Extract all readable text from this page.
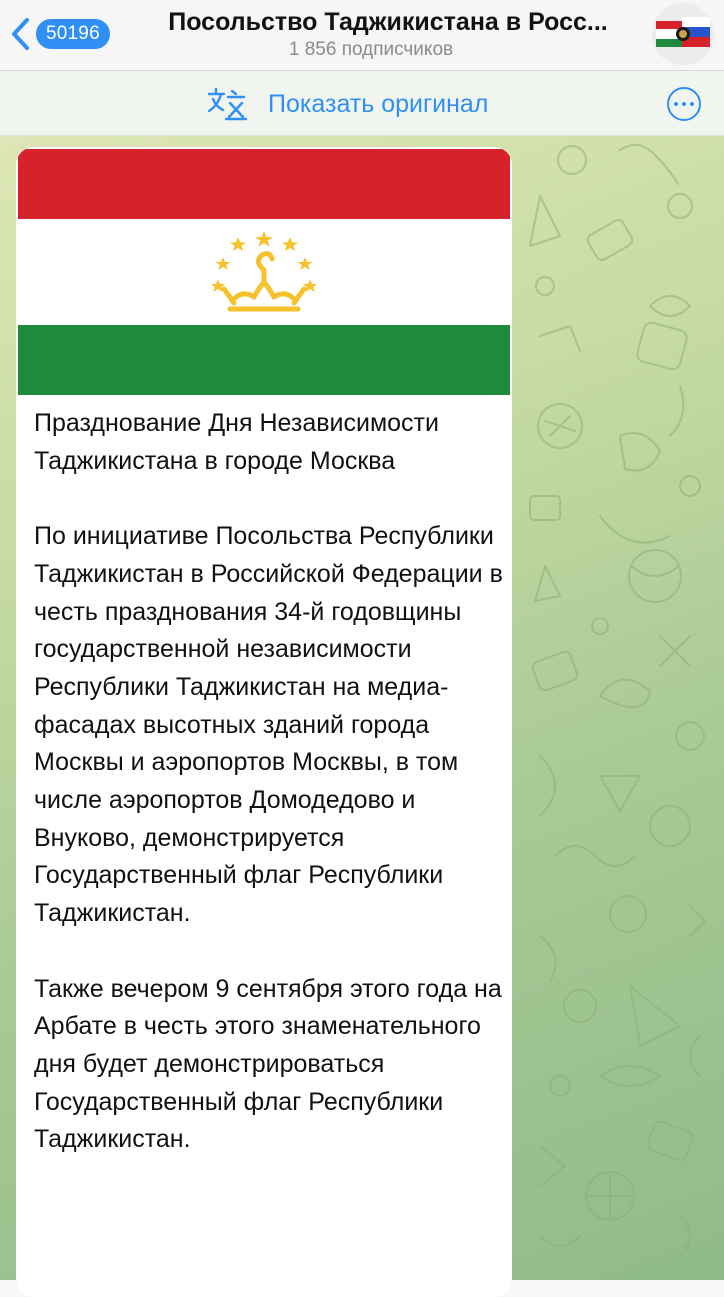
50196	Посольство Таджикистана в Росс...
1 856 подписчиков
Показать оригинал

Празднование Дня Независимости Таджикистана в городе Москва

По инициативе Посольства Республики Таджикистан в Российской Федерации в честь празднования 34-й годовщины государственной независимости Республики Таджикистан на медиа-фасадах высотных зданий города Москвы и аэропортов Москвы, в том числе аэропортов Домодедово и Внуково, демонстрируется Государственный флаг Республики Таджикистан.

Также вечером 9 сентября этого года на Арбате в честь этого знаменательного дня будет демонстрироваться Государственный флаг Республики Таджикистан.
